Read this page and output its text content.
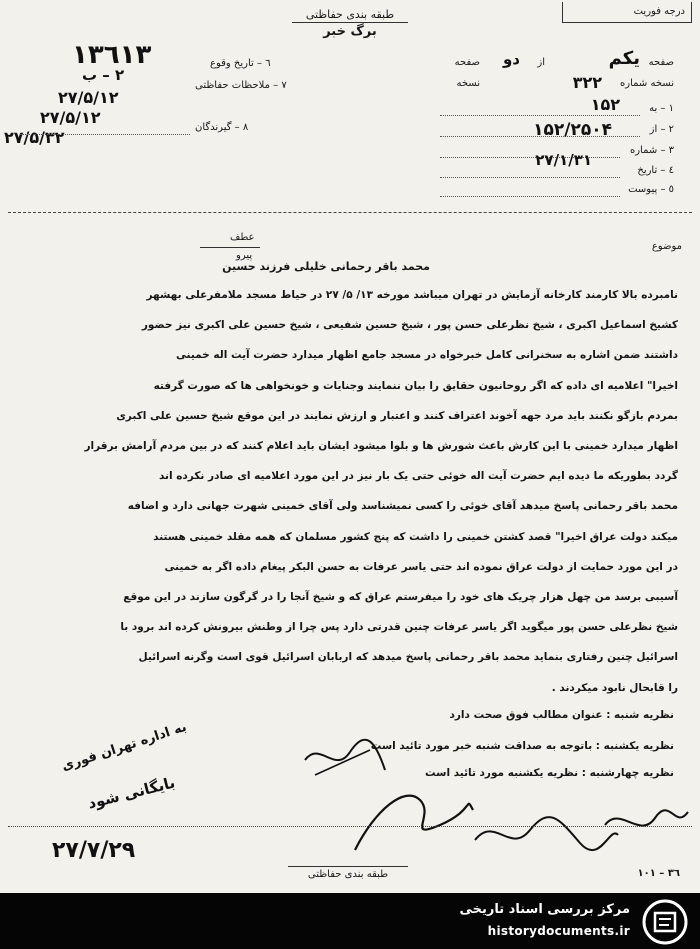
طبقه بندی حفاظتی
برگ خبر
درجه فوریت
صفحه
یکم
از
دو
صفحه
نسخه شماره
۳۲۲
نسخه
۱ – به
۱۵۲
۲ – از
۳ – شماره
۱۵۲/۲۵۰۴
٤ – تاریخ
۲۷/۱/۳۱
٥ – پیوست
٦ – تاریخ وقوع
۱۳٦۱۳
۷ – ملاحظات حفاظتی
۲ – ب
۲۷/۵/۱۲
۸ – گیرندگان
۲۷/۵/۱۲
۲۷/۵/۳۲
عطف
پیرو
موضوع
محمد باقر رحمانی خلیلی فرزند حسین

نامبرده بالا کارمند کارخانه آزمایش در تهران میباشد مورخه ۱۳/ ۵/ ۲۷ در حیاط مسجد ملامفرعلی بهشهر

کشیخ اسماعیل اکبری ، شیخ نظرعلی حسن پور ، شیخ حسین شفیعی ، شیخ حسین علی اکبری نیز حضور

داشتند ضمن اشاره به سخنرانی کامل خبرخواه در مسجد جامع اظهار میدارد حضرت آیت اله خمینی

اخیرا" اعلامیه ای داده که اگر روحانیون حقایق را بیان ننمایند وجنایات و خونخواهی ها که صورت گرفته

بمردم بازگو نکنند باید مرد جهه آخوند اعتراف کنند و اعتبار و ارزش نمایند در این موقع شیخ حسین علی اکبری

اظهار میدارد خمینی با این کارش باعث شورش ها و بلوا میشود ایشان باید اعلام کنند که در بین مردم آرامش برقرار

گردد بطوریکه ما دیده ایم حضرت آیت اله خوئی حتی یک بار نیز در این مورد اعلامیه ای صادر نکرده اند

محمد باقر رحمانی پاسخ میدهد آقای خوئی را کسی نمیشناسد ولی آقای خمینی شهرت جهانی دارد و اضافه

میکند دولت عراق اخیرا" قصد کشتن خمینی را داشت که پنج کشور مسلمان که همه مقلد خمینی هستند

در این مورد حمایت از دولت عراق نموده اند حتی یاسر عرفات به حسن البکر پیغام داده اگر به خمینی

آسیبی برسد من چهل هزار چریک های خود را میفرستم عراق که و شیخ آنجا را در گرگون سازند در این موقع

شیخ نظرعلی حسن پور میگوید اگر یاسر عرفات چنین قدرتی دارد پس چرا از وطنش بیرونش کرده اند برود با

اسرائیل چنین رفتاری بنماید محمد باقر رحمانی پاسخ میدهد که اربابان اسرائیل قوی است وگرنه اسرائیل

را قابحال نابود میکردند .

نظریه شنبه : عنوان مطالب فوق صحت دارد
نظریه یکشنبه : باتوجه به صداقت شنبه خبر مورد تائید است
نظریه چهارشنبه : نظریه یکشنبه مورد تائید است
به اداره تهران فوری
بایگانی شود
۲۷/۷/۲۹
۱۰۱ – ۳٦
طبقه بندی حفاظتی
مرکز بررسی اسناد تاریخی
historydocuments.ir
